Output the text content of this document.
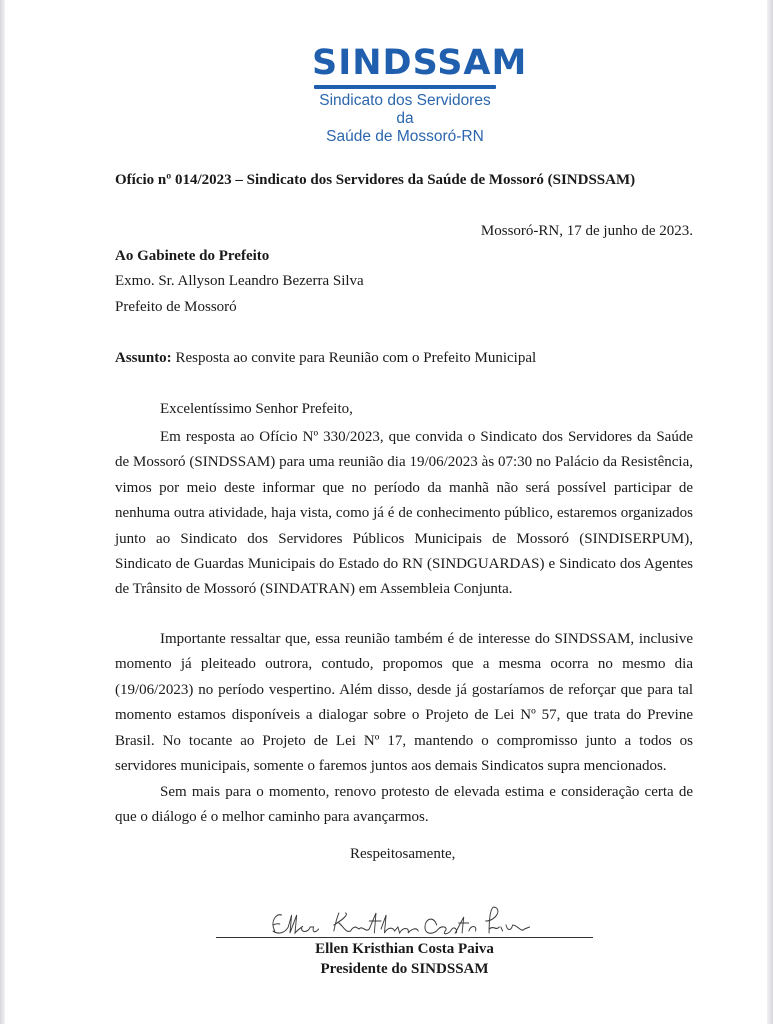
SINDSSAM
Sindicato dos Servidores da
Saúde de Mossoró-RN
Ofício nº 014/2023 – Sindicato dos Servidores da Saúde de Mossoró (SINDSSAM)
Mossoró-RN, 17 de junho de 2023.
Ao Gabinete do Prefeito
Exmo. Sr. Allyson Leandro Bezerra Silva
Prefeito de Mossoró
Assunto: Resposta ao convite para Reunião com o Prefeito Municipal
Excelentíssimo Senhor Prefeito,

Em resposta ao Ofício Nº 330/2023, que convida o Sindicato dos Servidores da Saúde de Mossoró (SINDSSAM) para uma reunião dia 19/06/2023 às 07:30 no Palácio da Resistência, vimos por meio deste informar que no período da manhã não será possível participar de nenhuma outra atividade, haja vista, como já é de conhecimento público, estaremos organizados junto ao Sindicato dos Servidores Públicos Municipais de Mossoró (SINDISERPUM), Sindicato de Guardas Municipais do Estado do RN (SINDGUARDAS) e Sindicato dos Agentes de Trânsito de Mossoró (SINDATRAN) em Assembleia Conjunta.

Importante ressaltar que, essa reunião também é de interesse do SINDSSAM, inclusive momento já pleiteado outrora, contudo, propomos que a mesma ocorra no mesmo dia (19/06/2023) no período vespertino. Além disso, desde já gostaríamos de reforçar que para tal momento estamos disponíveis a dialogar sobre o Projeto de Lei Nº 57, que trata do Previne Brasil. No tocante ao Projeto de Lei Nº 17, mantendo o compromisso junto a todos os servidores municipais, somente o faremos juntos aos demais Sindicatos supra mencionados.

Sem mais para o momento, renovo protesto de elevada estima e consideração certa de que o diálogo é o melhor caminho para avançarmos.

Respeitosamente,
Ellen Kristhian Costa Paiva
Presidente do SINDSSAM
